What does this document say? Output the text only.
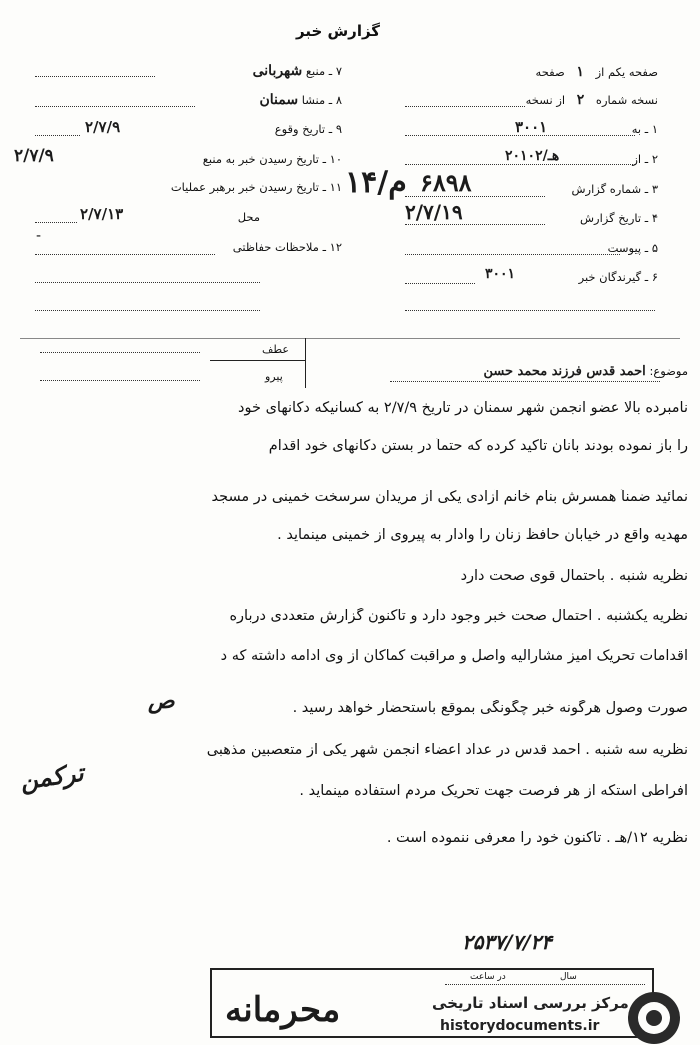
گزارش خبر
صفحه یکم از ۱ صفحه
نسخه شماره ۲ از نسخه
۱ ـ به
۳۰۰۱
۲ ـ از
۲۰۱۰۲/هـ
۳ ـ شماره گزارش
۶۸۹۸
۴ ـ تاریخ گزارش
۲/۷/۱۹
۵ ـ پیوست
۶ ـ گیرندگان خبر
۳۰۰۱
۱۴/م
۷ ـ منبع شهربانی
۸ ـ منشا سمنان
۹ ـ تاریخ وقوع
۲/۷/۹
۱۰ ـ تاریخ رسیدن خبر به منبع
۲/۷/۹
۱۱ ـ تاریخ رسیدن خبر برهبر عملیات
محل
۲/۷/۱۳
۱۲ ـ ملاحظات حفاظتی
-
عطف
پیرو	موضوع: احمد قدس فرزند محمد حسن
نامبرده بالا عضو انجمن شهر سمنان در تاریخ ۲/۷/۹ به کسانیکه دکانهای خود
را باز نموده بودند بآنان تاکید کرده که حتماً در بستن دکانهای خود اقدام
نمائید ضمناً همسرش بنام خانم آزادی یکی از مریدان سرسخت خمینی در مسجد
مهدیه واقع در خیابان حافظ زنان را وادار به پیروی از خمینی مینماید .
نظریه شنبه . باحتمال قوی صحت دارد
نظریه یکشنبه . احتمال صحت خبر وجود دارد و تاکنون گزارش متعددی درباره
اقدامات تحریک آمیز مشارالیه واصل و مراقبت کماکان از وی ادامه داشته که د
صورت وصول هرگونه خبر چگونگی بموقع باستحضار خواهد رسید .
نظریه سه شنبه . احمد قدس در عداد اعضاء انجمن شهر یکی از متعصبین مذهبی
افراطی استکه از هر فرصت جهت تحریک مردم استفاده مینماید .
نظریه ۱۲/هـ . تاکنون خود را معرفی ننموده است .
ص
ترکمن
۲۵۳۷/۷/۲۴
در ساعت	سال
محرمانه	مرکز بررسی اسناد تاریخی
historydocuments.ir
